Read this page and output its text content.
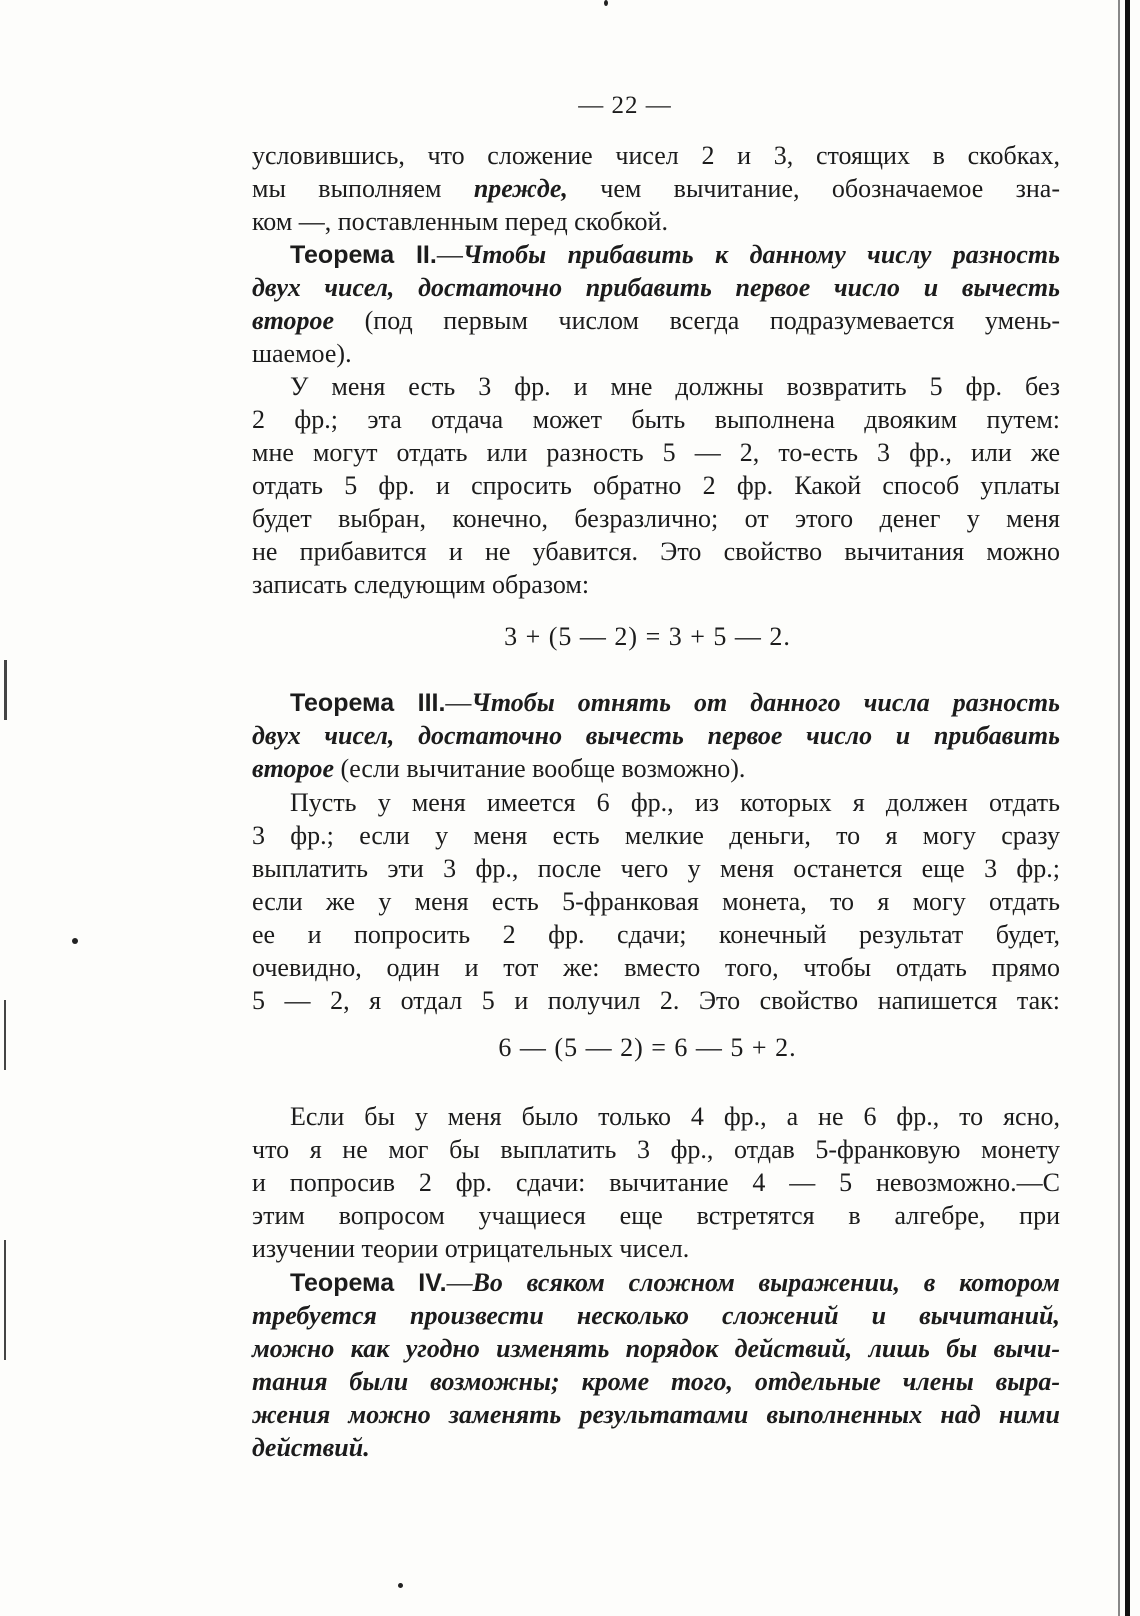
— 22 —
условившись, что сложение чисел 2 и 3, стоящих в скобках,
мы выполняем прежде, чем вычитание, обозначаемое зна-
ком —, поставленным перед скобкой.
Теорема II.—Чтобы прибавить к данному числу разность
двух чисел, достаточно прибавить первое число и вычесть
второе (под первым числом всегда подразумевается умень-
шаемое).
У меня есть 3 фр. и мне должны возвратить 5 фр. без
2 фр.; эта отдача может быть выполнена двояким путем:
мне могут отдать или разность 5 — 2, то-есть 3 фр., или же
отдать 5 фр. и спросить обратно 2 фр. Какой способ уплаты
будет выбран, конечно, безразлично; от этого денег у меня
не прибавится и не убавится. Это свойство вычитания можно
записать следующим образом:
3 + (5 — 2) = 3 + 5 — 2.
Теорема III.—Чтобы отнять от данного числа разность
двух чисел, достаточно вычесть первое число и прибавить
второе (если вычитание вообще возможно).
Пусть у меня имеется 6 фр., из которых я должен отдать
3 фр.; если у меня есть мелкие деньги, то я могу сразу
выплатить эти 3 фр., после чего у меня останется еще 3 фр.;
если же у меня есть 5-франковая монета, то я могу отдать
ее и попросить 2 фр. сдачи; конечный результат будет,
очевидно, один и тот же: вместо того, чтобы отдать прямо
5 — 2, я отдал 5 и получил 2. Это свойство напишется так:
6 — (5 — 2) = 6 — 5 + 2.
Если бы у меня было только 4 фр., а не 6 фр., то ясно,
что я не мог бы выплатить 3 фр., отдав 5-франковую монету
и попросив 2 фр. сдачи: вычитание 4 — 5 невозможно.—С
этим вопросом учащиеся еще встретятся в алгебре, при
изучении теории отрицательных чисел.
Теорема IV.—Во всяком сложном выражении, в котором
требуется произвести несколько сложений и вычитаний,
можно как угодно изменять порядок действий, лишь бы вычи-
тания были возможны; кроме того, отдельные члены выра-
жения можно заменять результатами выполненных над ними
действий.
